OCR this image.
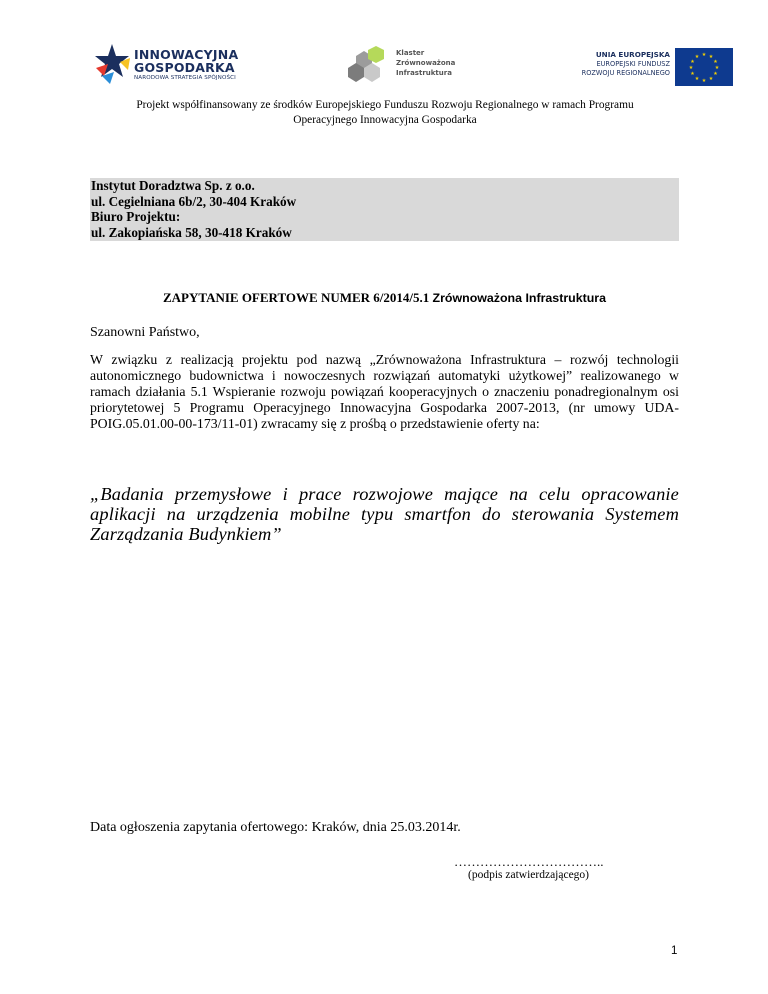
INNOWACYJNA
GOSPODARKA
NARODOWA STRATEGIA SPÓJNOŚCI
Klaster
Zrównoważona
Infrastruktura
UNIA EUROPEJSKA
EUROPEJSKI FUNDUSZ
ROZWOJU REGIONALNEGO
★ ★
★
★
★
★
★
★
★
★
★
★
Projekt współfinansowany ze środków Europejskiego Funduszu Rozwoju Regionalnego w ramach Programu
Operacyjnego Innowacyjna Gospodarka
Instytut Doradztwa Sp. z o.o.
ul. Cegielniana 6b/2, 30-404 Kraków
Biuro Projektu:
ul. Zakopiańska 58, 30-418 Kraków
ZAPYTANIE OFERTOWE NUMER 6/2014/5.1 Zrównoważona Infrastruktura
Szanowni Państwo,
W związku z realizacją projektu pod nazwą „Zrównoważona Infrastruktura – rozwój technologii autonomicznego budownictwa i nowoczesnych rozwiązań automatyki użytkowej” realizowanego w ramach działania 5.1 Wspieranie rozwoju powiązań kooperacyjnych o znaczeniu ponadregionalnym osi priorytetowej 5 Programu Operacyjnego Innowacyjna Gospodarka 2007-2013, (nr umowy UDA-POIG.05.01.00-00-173/11-01) zwracamy się z prośbą o przedstawienie oferty na:
„Badania przemysłowe i prace rozwojowe mające na celu opracowanie aplikacji na urządzenia mobilne typu smartfon do sterowania Systemem Zarządzania Budynkiem”
Data ogłoszenia zapytania ofertowego: Kraków, dnia 25.03.2014r.
……………………………..
(podpis zatwierdzającego)
1
